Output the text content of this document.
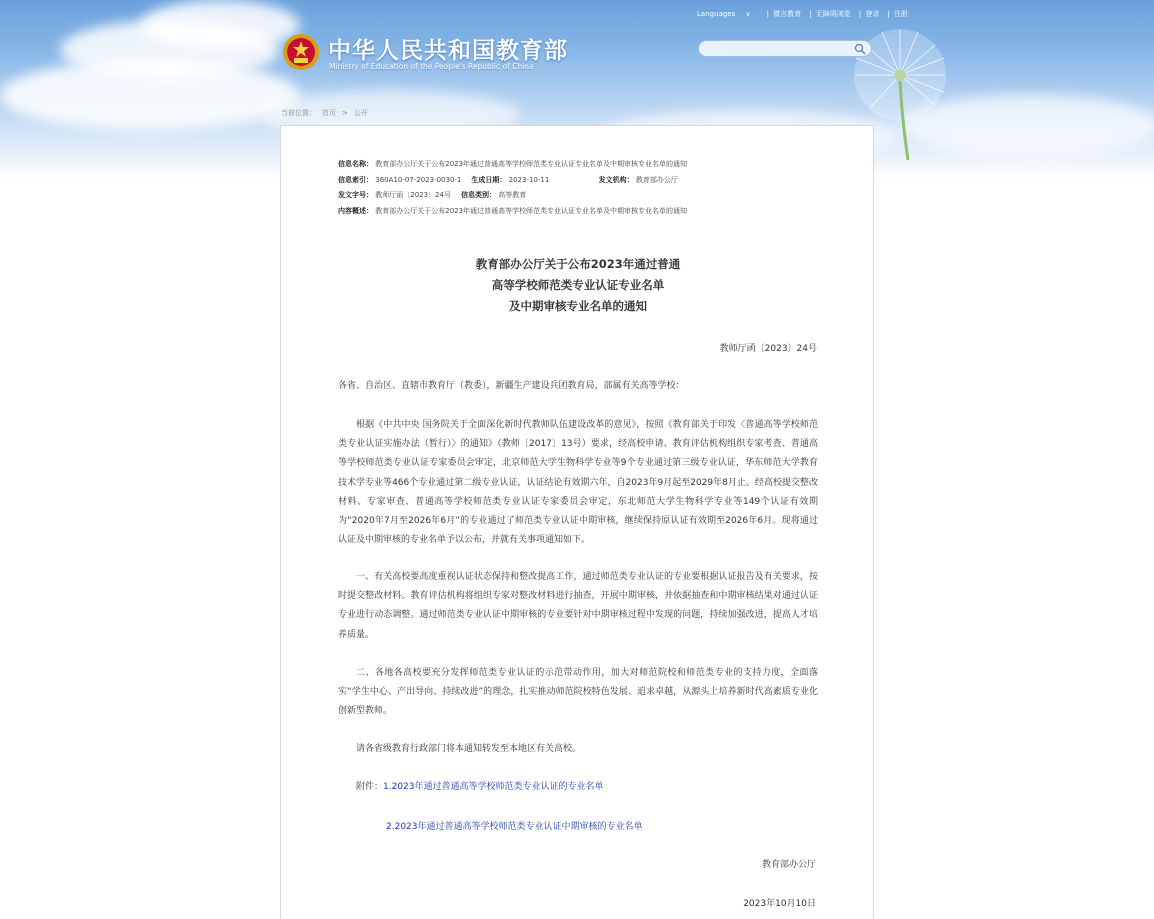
Languages ∨ | 微言教育 | 无障碍浏览 | 登录 | 注册
中华人民共和国教育部
Ministry of Education of the People's Republic of China
当前位置： 首页 > 公开
信息名称： 教育部办公厅关于公布2023年通过普通高等学校师范类专业认证专业名单及中期审核专业名单的通知
信息索引： 360A10-07-2023-0030-1 生成日期： 2023-10-11	发文机构： 教育部办公厅
发文字号： 教师厅函〔2023〕24号 信息类别： 高等教育
内容概述： 教育部办公厅关于公布2023年通过普通高等学校师范类专业认证专业名单及中期审核专业名单的通知
教育部办公厅关于公布2023年通过普通
高等学校师范类专业认证专业名单
及中期审核专业名单的通知
教师厅函〔2023〕24号
各省、自治区、直辖市教育厅（教委），新疆生产建设兵团教育局，部属有关高等学校：
根据《中共中央 国务院关于全面深化新时代教师队伍建设改革的意见》，按照《教育部关于印发〈普通高等学校师范类专业认证实施办法（暂行）〉的通知》（教师〔2017〕13号）要求，经高校申请、教育评估机构组织专家考查、普通高等学校师范类专业认证专家委员会审定，北京师范大学生物科学专业等9个专业通过第三级专业认证，华东师范大学教育技术学专业等466个专业通过第二级专业认证，认证结论有效期六年，自2023年9月起至2029年8月止。经高校提交整改材料、专家审查、普通高等学校师范类专业认证专家委员会审定，东北师范大学生物科学专业等149个认证有效期为“2020年7月至2026年6月”的专业通过了师范类专业认证中期审核，继续保持原认证有效期至2026年6月。现将通过认证及中期审核的专业名单予以公布，并就有关事项通知如下。
一、有关高校要高度重视认证状态保持和整改提高工作，通过师范类专业认证的专业要根据认证报告及有关要求，按时提交整改材料。教育评估机构将组织专家对整改材料进行抽查，开展中期审核，并依据抽查和中期审核结果对通过认证专业进行动态调整。通过师范类专业认证中期审核的专业要针对中期审核过程中发现的问题，持续加强改进，提高人才培养质量。
二、各地各高校要充分发挥师范类专业认证的示范带动作用，加大对师范院校和师范类专业的支持力度，全面落实“学生中心、产出导向、持续改进”的理念，扎实推动师范院校特色发展、追求卓越，从源头上培养新时代高素质专业化创新型教师。
请各省级教育行政部门将本通知转发至本地区有关高校。
附件：1.2023年通过普通高等学校师范类专业认证的专业名单
2.2023年通过普通高等学校师范类专业认证中期审核的专业名单
教育部办公厅
2023年10月10日
